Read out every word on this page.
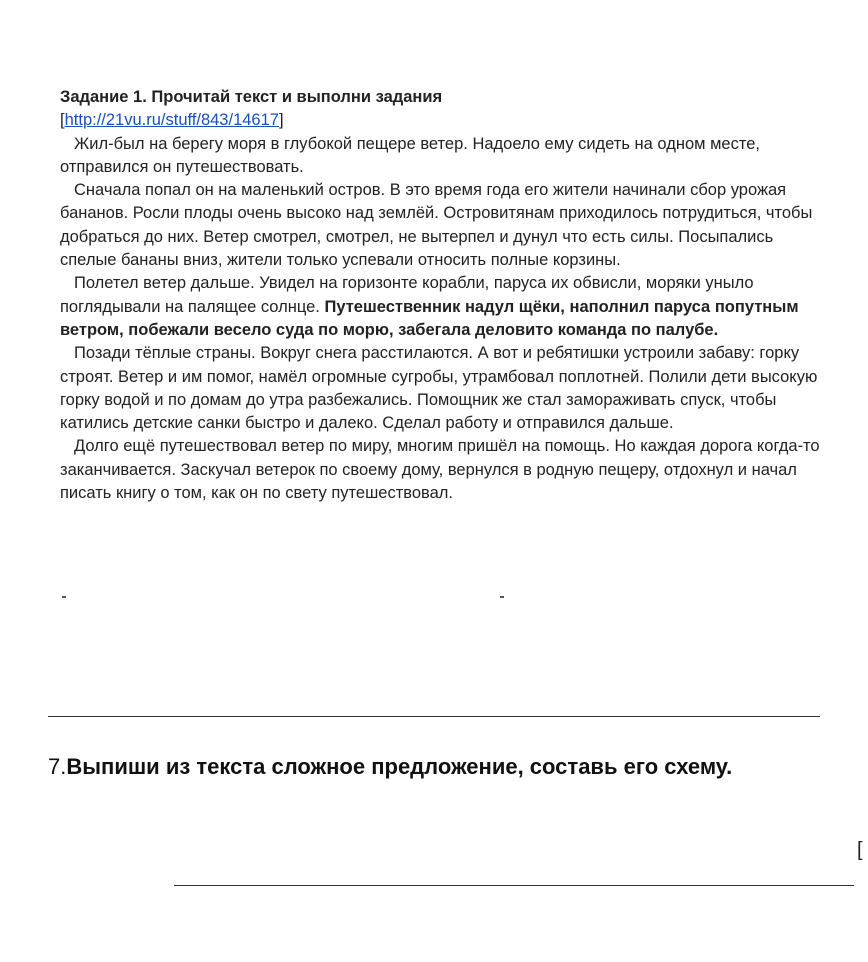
Задание 1. Прочитай текст и выполни задания

[http://21vu.ru/stuff/843/14617]

Жил-был на берегу моря в глубокой пещере ветер. Надоело ему сидеть на одном месте, отправился он путешествовать.

Сначала попал он на маленький остров. В это время года его жители начинали сбор урожая бананов. Росли плоды очень высоко над землёй. Островитянам приходилось потрудиться, чтобы добраться до них. Ветер смотрел, смотрел, не вытерпел и дунул что есть силы. Посыпались спелые бананы вниз, жители только успевали относить полные корзины.

Полетел ветер дальше. Увидел на горизонте корабли, паруса их обвисли, моряки уныло поглядывали на палящее солнце. Путешественник надул щёки, наполнил паруса попутным ветром, побежали весело суда по морю, забегала деловито команда по палубе.

Позади тёплые страны. Вокруг снега расстилаются. А вот и ребятишки устроили забаву: горку строят. Ветер и им помог, намёл огромные сугробы, утрамбовал поплотней. Полили дети высокую горку водой и по домам до утра разбежались. Помощник же стал замораживать спуск, чтобы катились детские санки быстро и далеко. Сделал работу и отправился дальше.

Долго ещё путешествовал ветер по миру, многим пришёл на помощь. Но каждая дорога когда-то заканчивается. Заскучал ветерок по своему дому, вернулся в родную пещеру, отдохнул и начал писать книгу о том, как он по свету путешествовал.

7.Выпиши из текста сложное предложение, составь его схему.
[
